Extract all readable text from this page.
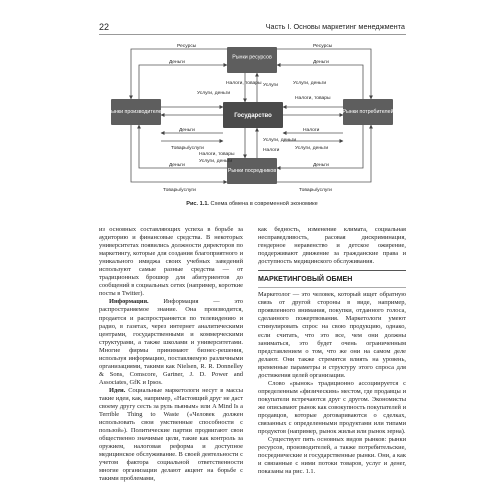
22	Часть I. Основы маркетинг менеджмента
Рынки ресурсов
Рынки производителей
Государство
Рынки потребителей
Рынки посредников
Ресурсы
Деньги
Ресурсы
Деньги
Налоги, товары
Услуги, деньги
Услуги, деньги
Налоги, товары
Услуги
Деньги
Товары/услуги
Налоги
Услуги, деньги
Налоги, товары
Услуги, деньги
Услуги, деньги
Налоги
Деньги	Деньги
Товары/услуги	Товары/услуги
Рис. 1.1. Схема обмена в современной экономике

из основных составляющих успеха в борьбе за аудиторию и финансовые средства. В некоторых университетах появились должности директоров по маркетингу, которые для создания благоприятного и уникального имиджа своих учебных заведений используют самые разные средства — от традиционных брошюр для абитуриентов до сообщений в социальных сетях (например, короткие посты в Twitter).

Информация. Информация — это распространяемое знание. Она производится, продается и распространяется по телевидению и радио, в газетах, через интернет аналитическими центрами, государственными и коммерческими структурами, а также школами и университетами. Многие фирмы принимают бизнес-решения, используя информацию, поставляемую различными организациями, такими как Nielsen, R. R. Donnelley & Sons, Comscore, Gartner, J. D. Power and Associates, GfK и Ipsos.

Идеи. Социальные маркетологи несут в массы такие идеи, как, например, «Настоящий друг не даст своему другу сесть за руль пьяным» или A Mind Is a Terrible Thing to Waste («Человек должен использовать свои умственные способности с пользой»). Политические партии продвигают свои общественно значимые цели, такие как контроль за оружием, налоговая реформа и доступное медицинское обслуживание. В своей деятельности с учетом фактора социальной ответственности многие организации делают акцент на борьбе с такими проблемами,

как бедность, изменение климата, социальная несправедливость, расовая дискриминация, гендерное неравенство и детское ожирение, поддерживают движение за гражданские права и доступность медицинского обслуживания.

МАРКЕТИНГОВЫЙ ОБМЕН

Маркетолог — это человек, который ищет обратную связь от другой стороны в виде, например, проявленного внимания, покупки, отданного голоса, сделанного пожертвования. Маркетологи умеют стимулировать спрос на свою продукцию, однако, если считать, что это все, чем они должны заниматься, это будет очень ограниченным представлением о том, что же они на самом деле делают. Они также стремятся влиять на уровень, временные параметры и структуру этого спроса для достижения целей организации.

Слово «рынок» традиционно ассоциируется с определенным «физическим» местом, где продавцы и покупатели встречаются друг с другом. Экономисты же описывают рынок как совокупность покупателей и продавцов, которые договариваются о сделках, связанных с определенными продуктами или типами продуктов (например, рынок жилья или рынок зерна).

Существует пять основных видов рынков: рынки ресурсов, производителей, а также потребительские, посреднические и государственные рынки. Они, а как и связанные с ними потоки товаров, услуг и денег, показаны на рис. 1.1.
